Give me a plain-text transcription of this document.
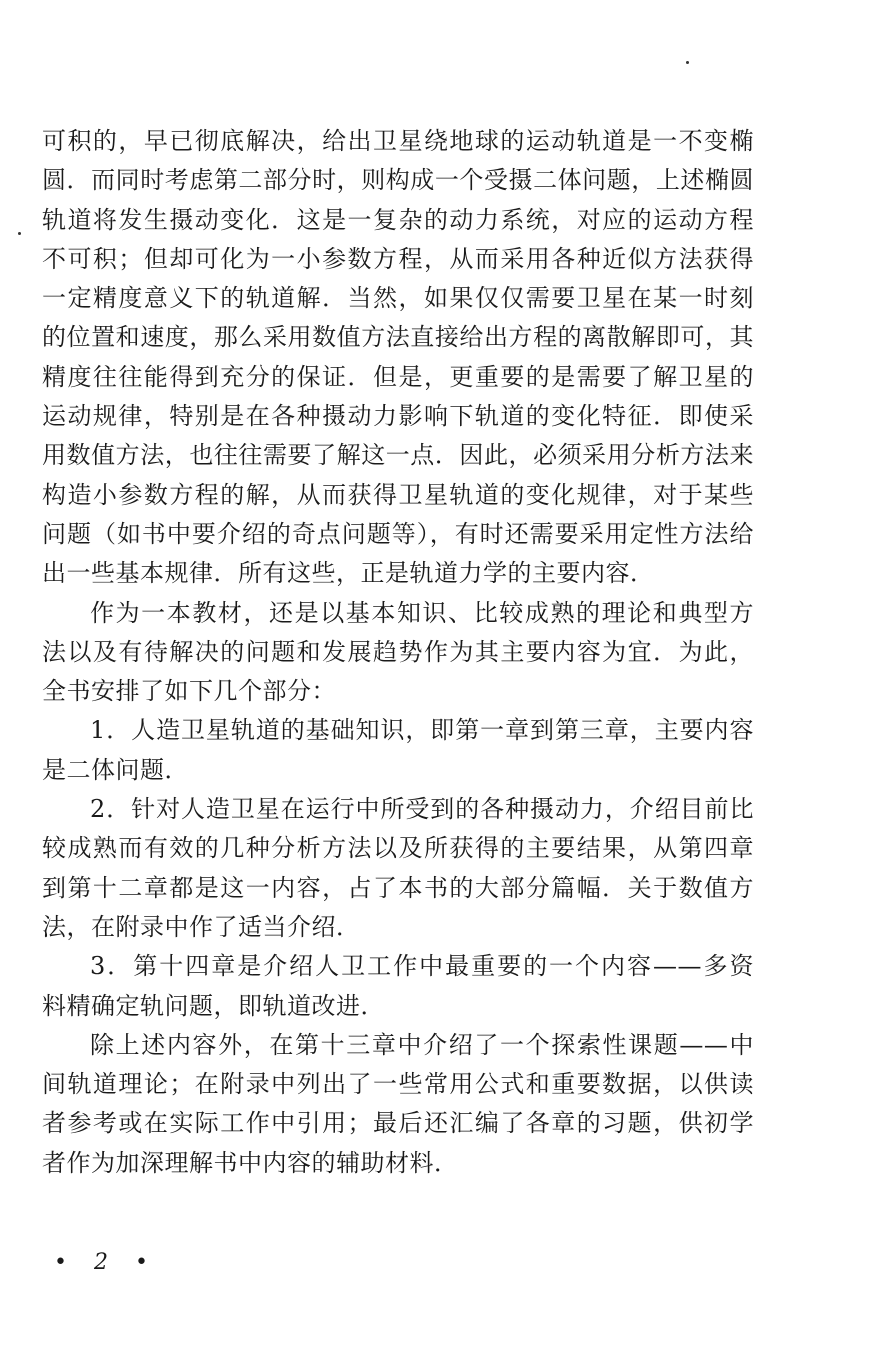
可积的，早已彻底解决，给出卫星绕地球的运动轨道是一不变椭
圆．而同时考虑第二部分时，则构成一个受摄二体问题，上述椭圆
轨道将发生摄动变化．这是一复杂的动力系统，对应的运动方程
不可积；但却可化为一小参数方程，从而采用各种近似方法获得
一定精度意义下的轨道解．当然，如果仅仅需要卫星在某一时刻
的位置和速度，那么采用数值方法直接给出方程的离散解即可，其
精度往往能得到充分的保证．但是，更重要的是需要了解卫星的
运动规律，特别是在各种摄动力影响下轨道的变化特征．即使采
用数值方法，也往往需要了解这一点．因此，必须采用分析方法来
构造小参数方程的解，从而获得卫星轨道的变化规律，对于某些
问题（如书中要介绍的奇点问题等），有时还需要采用定性方法给
出一些基本规律．所有这些，正是轨道力学的主要内容．
作为一本教材，还是以基本知识、比较成熟的理论和典型方
法以及有待解决的问题和发展趋势作为其主要内容为宜．为此，
全书安排了如下几个部分：
1．人造卫星轨道的基础知识，即第一章到第三章，主要内容
是二体问题．
2．针对人造卫星在运行中所受到的各种摄动力，介绍目前比
较成熟而有效的几种分析方法以及所获得的主要结果，从第四章
到第十二章都是这一内容，占了本书的大部分篇幅．关于数值方
法，在附录中作了适当介绍．
3．第十四章是介绍人卫工作中最重要的一个内容——多资
料精确定轨问题，即轨道改进．
除上述内容外，在第十三章中介绍了一个探索性课题——中
间轨道理论；在附录中列出了一些常用公式和重要数据，以供读
者参考或在实际工作中引用；最后还汇编了各章的习题，供初学
者作为加深理解书中内容的辅助材料．
• 2 •
